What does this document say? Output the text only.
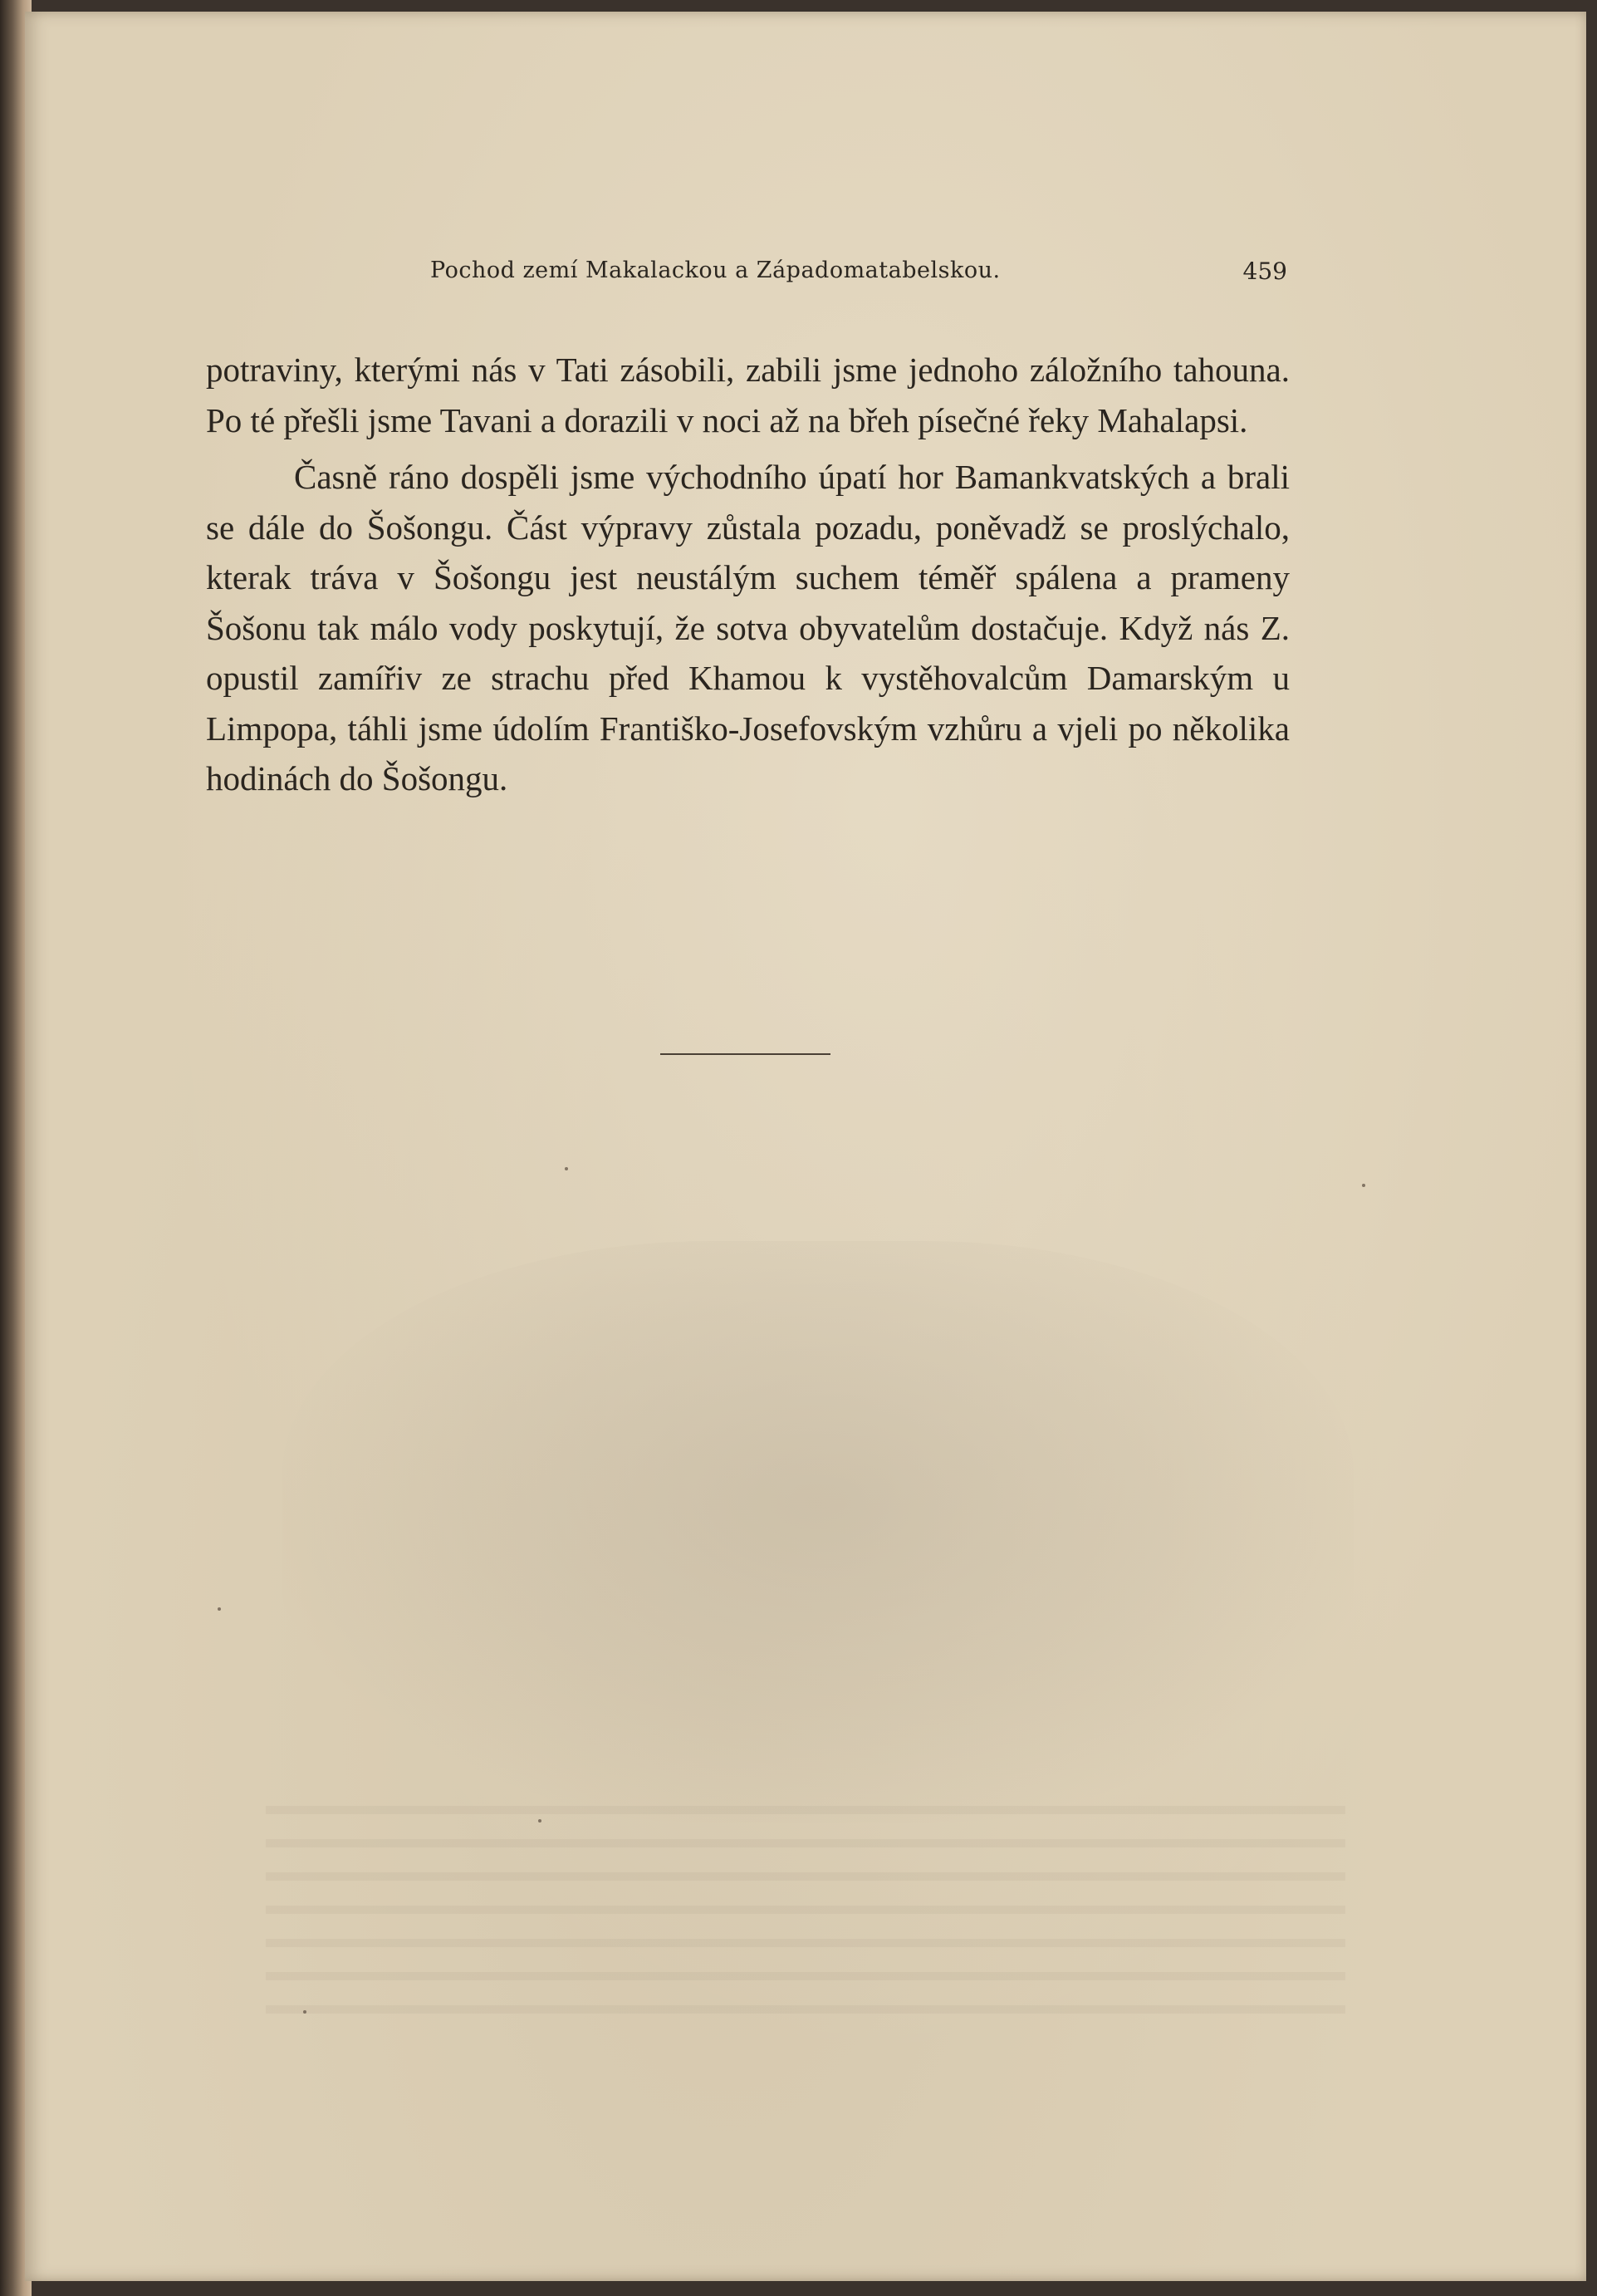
Pochod zemí Makalackou a Západomatabelskou.	459

potraviny, kterými nás v Tati zásobili, zabili jsme jednoho záložního tahouna. Po té přešli jsme Tavani a dorazili v noci až na břeh písečné řeky Mahalapsi.

Časně ráno dospěli jsme východního úpatí hor Bamankvatských a brali se dále do Šošongu. Část výpravy zůstala pozadu, poněvadž se proslýchalo, kterak tráva v Šošongu jest neustálým suchem téměř spálena a prameny Šošonu tak málo vody poskytují, že sotva obyvatelům dostačuje. Když nás Z. opustil zamířiv ze strachu před Khamou k vystěhovalcům Damarským u Limpopa, táhli jsme údolím Františko-Josefovským vzhůru a vjeli po několika hodinách do Šošongu.
